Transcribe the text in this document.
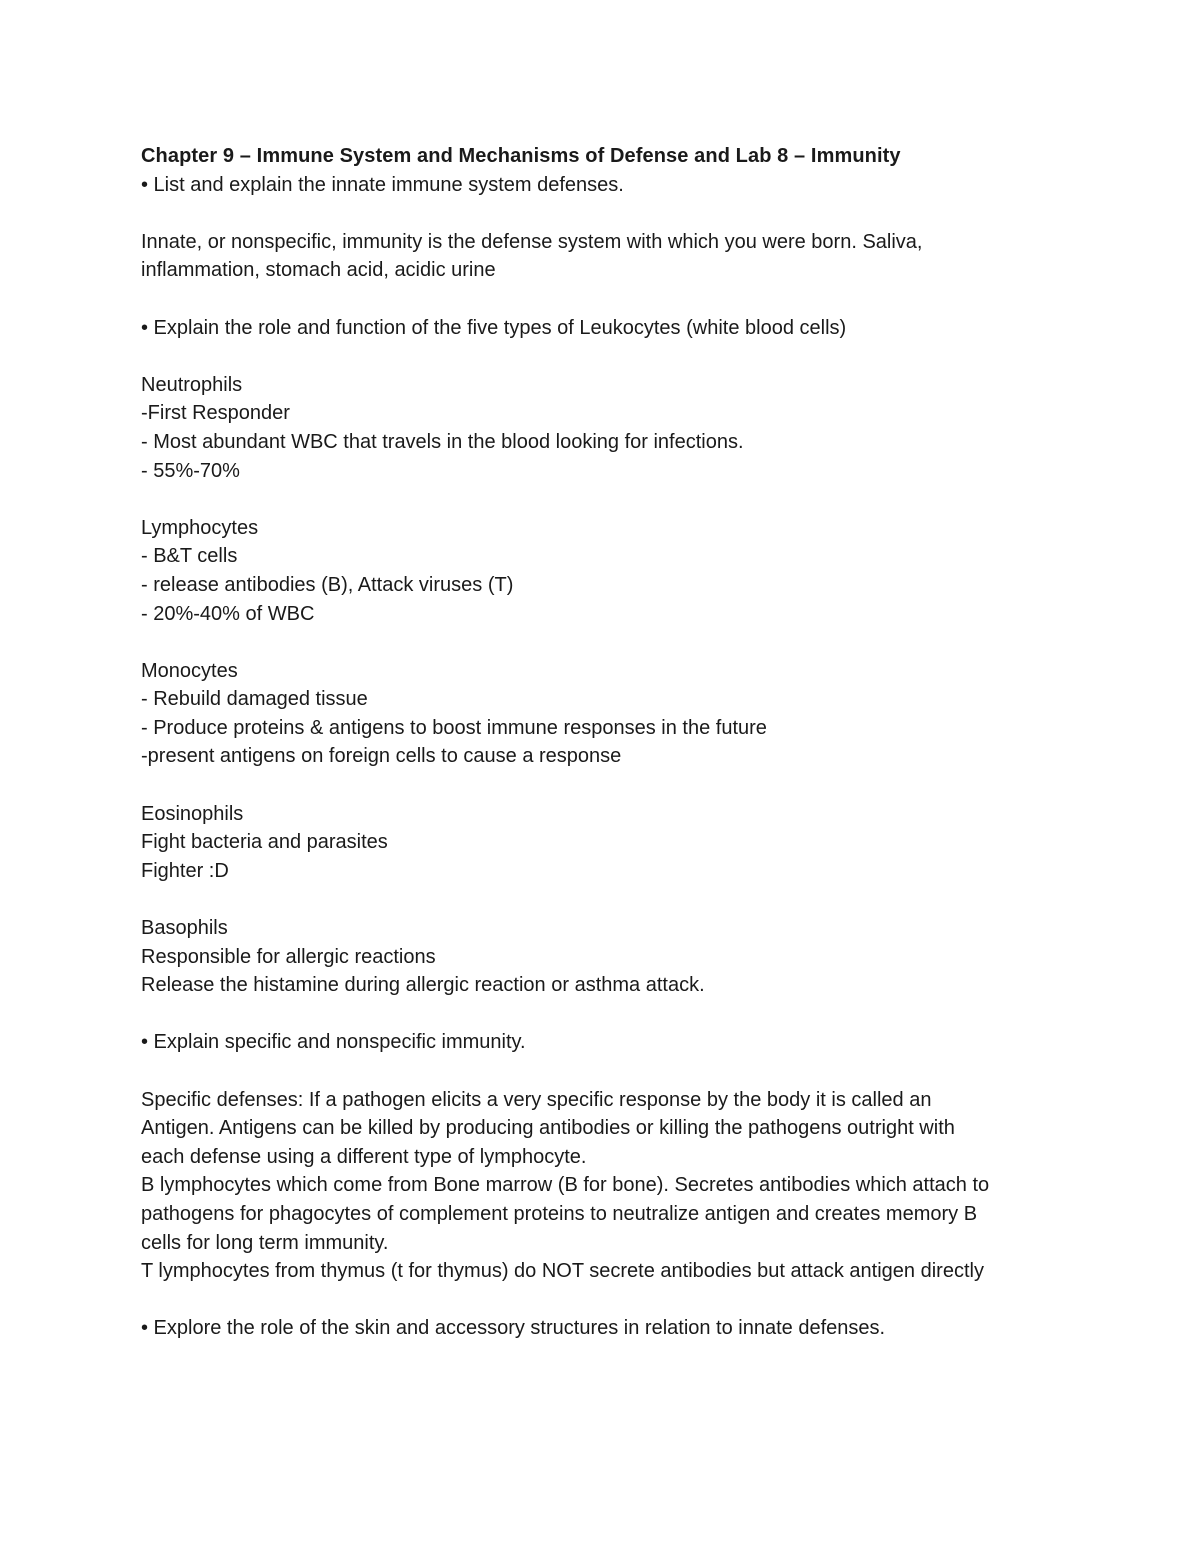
Chapter 9 – Immune System and Mechanisms of Defense and Lab 8 – Immunity
• List and explain the innate immune system defenses.
Innate, or nonspecific, immunity is the defense system with which you were born. Saliva,
inflammation, stomach acid, acidic urine
• Explain the role and function of the five types of Leukocytes (white blood cells)
Neutrophils
-First Responder
- Most abundant WBC that travels in the blood looking for infections.
- 55%-70%
Lymphocytes
- B&T cells
- release antibodies (B), Attack viruses (T)
- 20%-40% of WBC
Monocytes
- Rebuild damaged tissue
- Produce proteins & antigens to boost immune responses in the future
-present antigens on foreign cells to cause a response
Eosinophils
Fight bacteria and parasites
Fighter :D
Basophils
Responsible for allergic reactions
Release the histamine during allergic reaction or asthma attack.
• Explain specific and nonspecific immunity.
Specific defenses: If a pathogen elicits a very specific response by the body it is called an
Antigen. Antigens can be killed by producing antibodies or killing the pathogens outright with
each defense using a different type of lymphocyte.
B lymphocytes which come from Bone marrow (B for bone). Secretes antibodies which attach to
pathogens for phagocytes of complement proteins to neutralize antigen and creates memory B
cells for long term immunity.
T lymphocytes from thymus (t for thymus) do NOT secrete antibodies but attack antigen directly
• Explore the role of the skin and accessory structures in relation to innate defenses.
